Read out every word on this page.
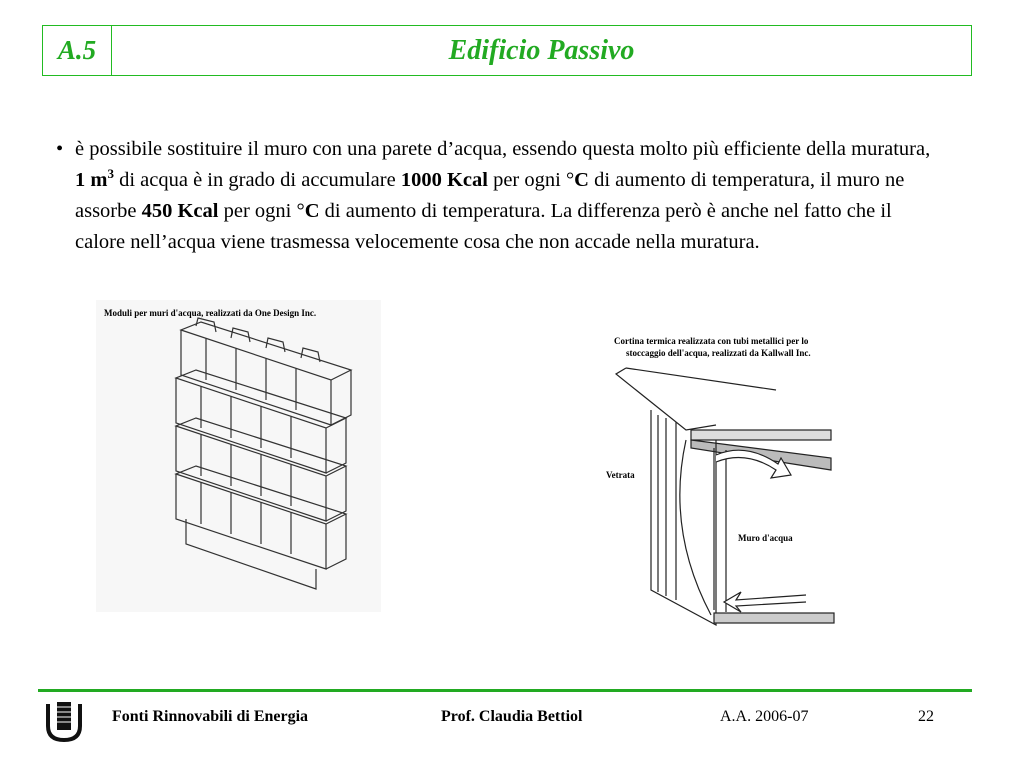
A.5	Edificio Passivo
• è possibile sostituire il muro con una parete d’acqua, essendo questa molto più efficiente della muratura, 1 $m^3$ di acqua è in grado di accumulare 1000 Kcal per ogni °C di aumento di temperatura, il muro ne assorbe 450 Kcal per ogni °C di aumento di temperatura. La differenza però è anche nel fatto che il calore nell’acqua viene trasmessa velocemente cosa che non accade nella muratura.
Moduli per muri d'acqua, realizzati da One Design Inc.
Cortina termica realizzata con tubi metallici per lo
stoccaggio dell'acqua, realizzati da Kallwall Inc.
Vetrata
Muro d'acqua
Fonti Rinnovabili di Energia	Prof. Claudia Bettiol	A.A. 2006-07	22
